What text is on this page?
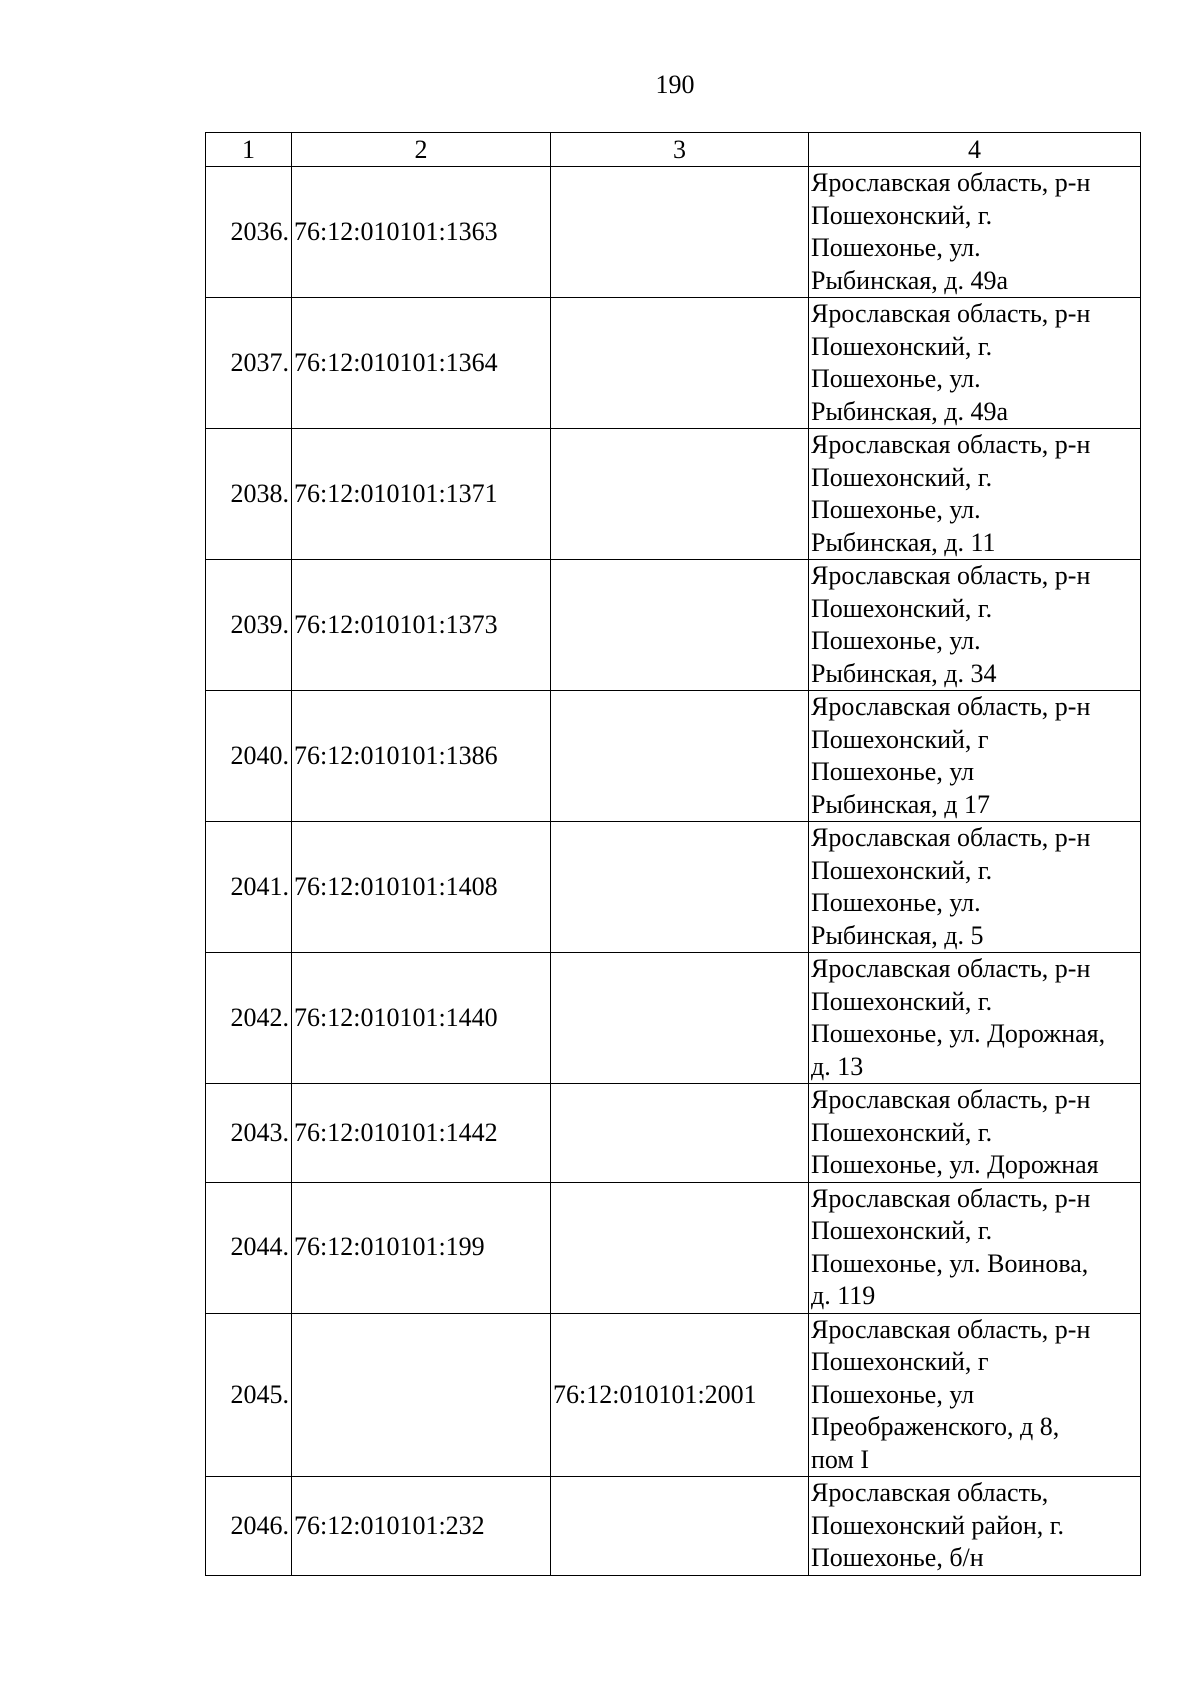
190
1	2	3	4
2036.	76:12:010101:1363		Ярославская область, р-н
Пошехонский, г.
Пошехонье, ул.
Рыбинская, д. 49а
2037.	76:12:010101:1364		Ярославская область, р-н
Пошехонский, г.
Пошехонье, ул.
Рыбинская, д. 49а
2038.	76:12:010101:1371		Ярославская область, р-н
Пошехонский, г.
Пошехонье, ул.
Рыбинская, д. 11
2039.	76:12:010101:1373		Ярославская область, р-н
Пошехонский, г.
Пошехонье, ул.
Рыбинская, д. 34
2040.	76:12:010101:1386		Ярославская область, р-н
Пошехонский, г
Пошехонье, ул
Рыбинская, д 17
2041.	76:12:010101:1408		Ярославская область, р-н
Пошехонский, г.
Пошехонье, ул.
Рыбинская, д. 5
2042.	76:12:010101:1440		Ярославская область, р-н
Пошехонский, г.
Пошехонье, ул. Дорожная,
д. 13
2043.	76:12:010101:1442		Ярославская область, р-н
Пошехонский, г.
Пошехонье, ул. Дорожная
2044.	76:12:010101:199		Ярославская область, р-н
Пошехонский, г.
Пошехонье, ул. Воинова,
д. 119
2045.		76:12:010101:2001	Ярославская область, р-н
Пошехонский, г
Пошехонье, ул
Преображенского, д 8,
пом I
2046.	76:12:010101:232		Ярославская область,
Пошехонский район, г.
Пошехонье, б/н
